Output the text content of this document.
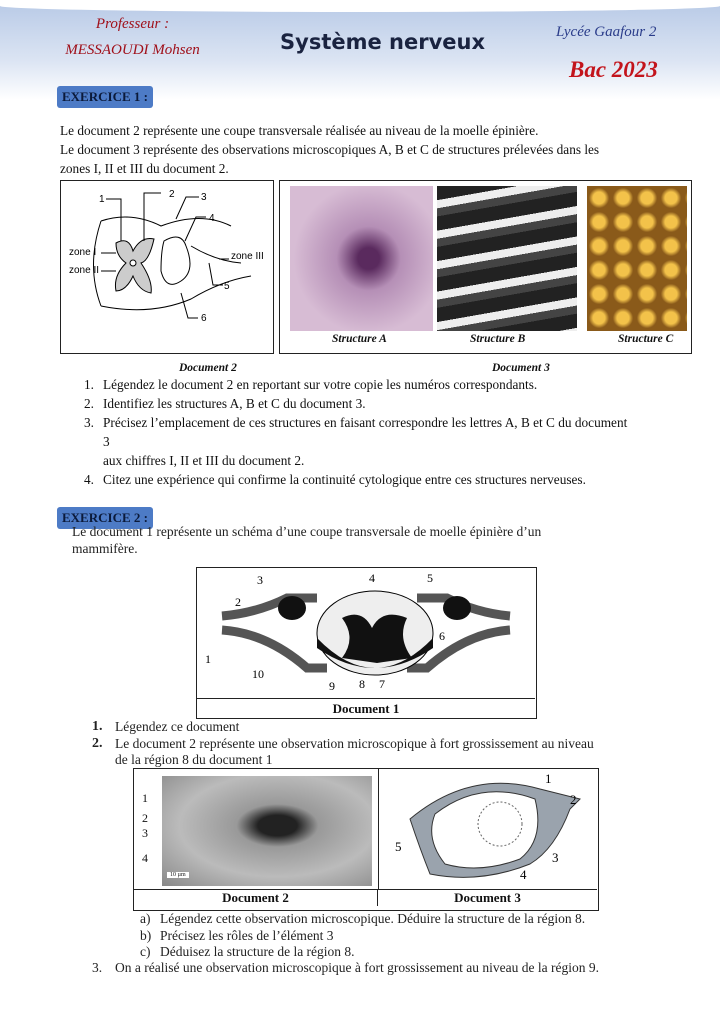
Professeur :
MESSAOUDI Mohsen	Système nerveux	Lycée Gaafour 2
Bac 2023
EXERCICE 1 :
Le document 2 représente une coupe transversale réalisée au niveau de la moelle épinière.
Le document 3 représente des observations microscopiques A, B et C de structures prélevées dans les
zones I, II et III du document 2.
1	2	3
4
5
6
zone I
zone II
zone III
Structure A	Structure B	Structure C
Document 2	Document 3
1. Légendez le document 2 en reportant sur votre copie les numéros correspondants.
2. Identifiez les structures A, B et C du document 3.
3. Précisez l’emplacement de ces structures en faisant correspondre les lettres A, B et C du document
3
aux chiffres I, II et III du document 2.
4. Citez une expérience qui confirme la continuité cytologique entre ces structures nerveuses.
EXERCICE 2 :
Le document 1 représente un schéma d’une coupe transversale de moelle épinière d’un
mammifère.
3
2
1
4	5
6
7
8
9
10
Document 1
1. Légendez ce document
2. Le document 2 représente une observation microscopique à fort grossissement au niveau
de la région 8 du document 1
1
2
3
4
10 µm
1
2
3
4
5
Document 2	Document 3
a) Légendez cette observation microscopique. Déduire la structure de la région 8.
b) Précisez les rôles de l’élément 3
c) Déduisez la structure de la région 8.
3. On a réalisé une observation microscopique à fort grossissement au niveau de la région 9.
